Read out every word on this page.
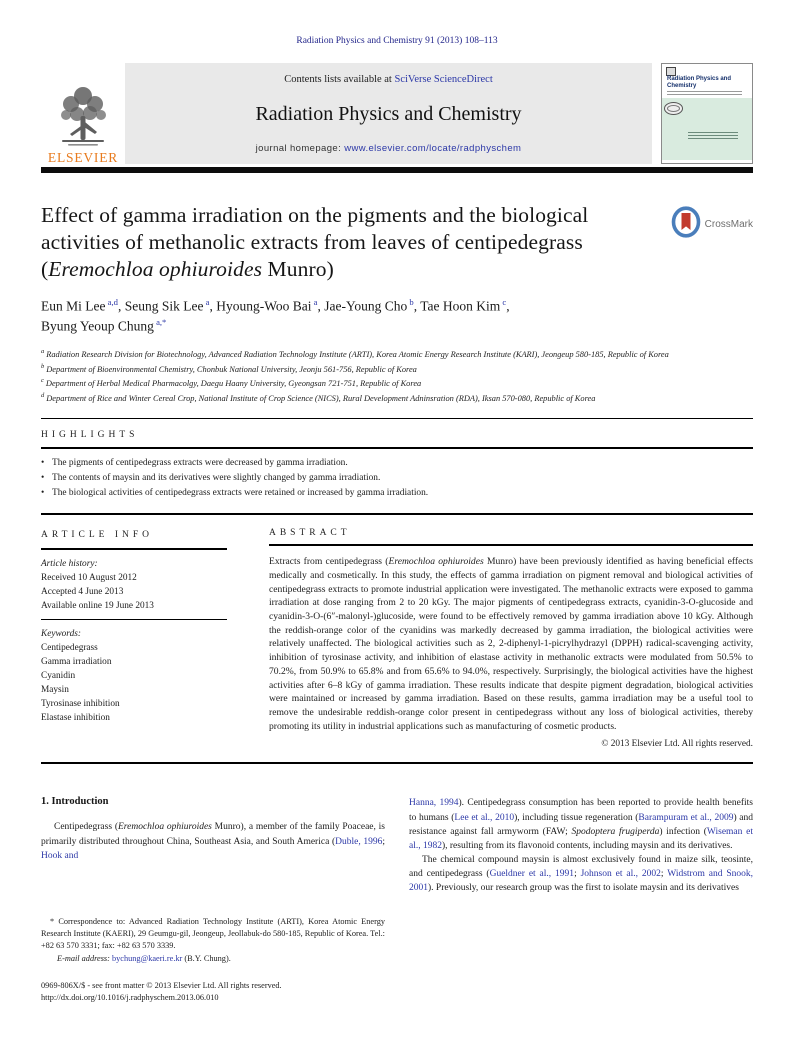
Radiation Physics and Chemistry 91 (2013) 108–113
ELSEVIER
Contents lists available at SciVerse ScienceDirect
Radiation Physics and Chemistry
journal homepage: www.elsevier.com/locate/radphyschem
Radiation Physics and Chemistry
Effect of gamma irradiation on the pigments and the biological
activities of methanolic extracts from leaves of centipedegrass
(Eremochloa ophiuroides Munro)
CrossMark
Eun Mi Lee $^{a,d}$, Seung Sik Lee $^a$, Hyoung-Woo Bai $^a$, Jae-Young Cho $^b$, Tae Hoon Kim $^c$,
Byung Yeoup Chung $^{a,*}$
$^a$ Radiation Research Division for Biotechnology, Advanced Radiation Technology Institute (ARTI), Korea Atomic Energy Research Institute (KARI), Jeongeup 580-185, Republic of Korea
$^b$ Department of Bioenvironmental Chemistry, Chonbuk National University, Jeonju 561-756, Republic of Korea
$^c$ Department of Herbal Medical Pharmacolgy, Daegu Haany University, Gyeongsan 721-751, Republic of Korea
$^d$ Department of Rice and Winter Cereal Crop, National Institute of Crop Science (NICS), Rural Development Adninsration (RDA), Iksan 570-080, Republic of Korea
HIGHLIGHTS
• The pigments of centipedegrass extracts were decreased by gamma irradiation.
• The contents of maysin and its derivatives were slightly changed by gamma irradiation.
• The biological activities of centipedegrass extracts were retained or increased by gamma irradiation.
ARTICLE INFO
Article history:
Received 10 August 2012
Accepted 4 June 2013
Available online 19 June 2013
Keywords:
Centipedegrass
Gamma irradiation
Cyanidin
Maysin
Tyrosinase inhibition
Elastase inhibition
ABSTRACT

Extracts from centipedegrass (Eremochloa ophiuroides Munro) have been previously identified as having beneficial effects medically and cosmetically. In this study, the effects of gamma irradiation on pigment removal and biological activities of centipedegrass extracts to promote industrial application were investigated. The methanolic extracts were exposed to gamma irradiation at dose ranging from 2 to 20 kGy. The major pigments of centipedegrass extracts, cyanidin-3-O-glucoside and cyanidin-3-O-(6″-malonyl-)glucoside, were found to be effectively removed by gamma irradiation above 10 kGy. Although the reddish-orange color of the cyanidins was markedly decreased by gamma irradiation, the biological activities were relatively unaffected. The biological activities such as 2, 2-diphenyl-1-picrylhydrazyl (DPPH) radical-scavenging activity, inhibition of tyrosinase activity, and inhibition of elastase activity in methanolic extracts were modulated from 50.5% to 70.2%, from 50.9% to 65.8% and from 65.6% to 94.0%, respectively. Surprisingly, the biological activities have the highest activities after 6–8 kGy of gamma irradiation. These results indicate that despite pigment degradation, biological activities were maintained or increased by gamma irradiation. Based on these results, gamma irradiation may be a useful tool to remove the undesirable reddish-orange color present in centipedegrass without any loss of biological activities, thereby promoting its utility in industrial applications such as manufacturing of cosmetic products.

© 2013 Elsevier Ltd. All rights reserved.
1. Introduction

Centipedegrass (Eremochloa ophiuroides Munro), a member of the family Poaceae, is primarily distributed throughout China, Southeast Asia, and South America (Duble, 1996; Hook and

* Correspondence to: Advanced Radiation Technology Institute (ARTI), Korea Atomic Energy Research Institute (KAERI), 29 Geumgu-gil, Jeongeup, Jeollabuk-do 580-185, Republic of Korea. Tel.: +82 63 570 3331; fax: +82 63 570 3339.

E-mail address: bychung@kaeri.re.kr (B.Y. Chung).

0969-806X/$ - see front matter © 2013 Elsevier Ltd. All rights reserved.

http://dx.doi.org/10.1016/j.radphyschem.2013.06.010

Hanna, 1994). Centipedegrass consumption has been reported to provide health benefits to humans (Lee et al., 2010), including tissue regeneration (Barampuram et al., 2009) and resistance against fall armyworm (FAW; Spodoptera frugiperda) infection (Wiseman et al., 1982), resulting from its flavonoid contents, including maysin and its derivatives.

The chemical compound maysin is almost exclusively found in maize silk, teosinte, and centipedegrass (Gueldner et al., 1991; Johnson et al., 2002; Widstrom and Snook, 2001). Previously, our research group was the first to isolate maysin and its derivatives
